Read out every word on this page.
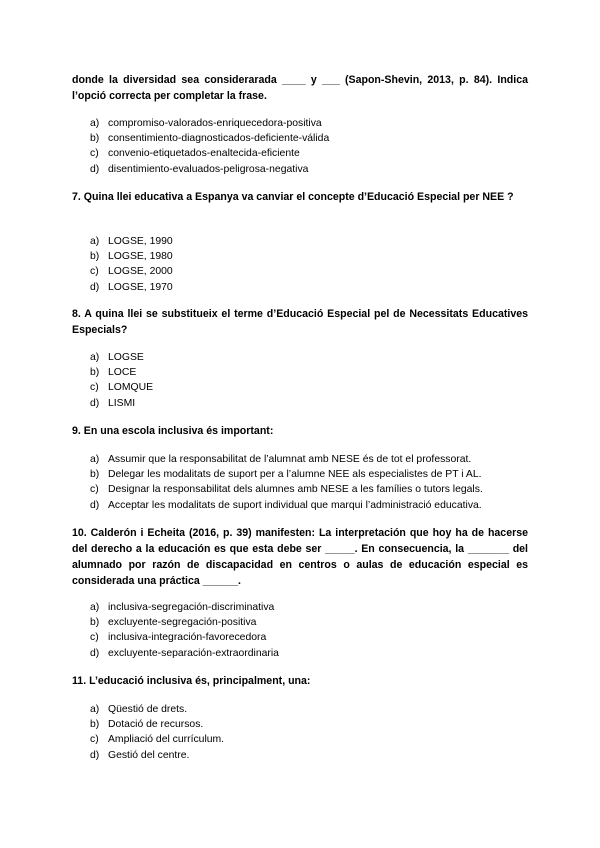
donde la diversidad sea considerarada ____ y ___ (Sapon-Shevin, 2013, p. 84). Indica l’opció correcta per completar la frase.
a) compromiso-valorados-enriquecedora-positiva
b) consentimiento-diagnosticados-deficiente-válida
c) convenio-etiquetados-enaltecida-eficiente
d) disentimiento-evaluados-peligrosa-negativa
7. Quina llei educativa a Espanya va canviar el concepte d’Educació Especial per NEE ?
a) LOGSE, 1990
b) LOGSE, 1980
c) LOGSE, 2000
d) LOGSE, 1970
8. A quina llei se substitueix el terme d’Educació Especial pel de Necessitats Educatives Especials?
a) LOGSE
b) LOCE
c) LOMQUE
d) LISMI
9. En una escola inclusiva és important:
a) Assumir que la responsabilitat de l’alumnat amb NESE és de tot el professorat.
b) Delegar les modalitats de suport per a l’alumne NEE als especialistes de PT i AL.
c) Designar la responsabilitat dels alumnes amb NESE a les famílies o tutors legals.
d) Acceptar les modalitats de suport individual que marqui l’administració educativa.
10. Calderón i Echeita (2016, p. 39) manifesten: La interpretación que hoy ha de hacerse del derecho a la educación es que esta debe ser _____. En consecuencia, la _______ del alumnado por razón de discapacidad en centros o aulas de educación especial es considerada una práctica ______.
a) inclusiva-segregación-discriminativa
b) excluyente-segregación-positiva
c) inclusiva-integración-favorecedora
d) excluyente-separación-extraordinaria
11. L’educació inclusiva és, principalment, una:
a) Qüestió de drets.
b) Dotació de recursos.
c) Ampliació del currículum.
d) Gestió del centre.
